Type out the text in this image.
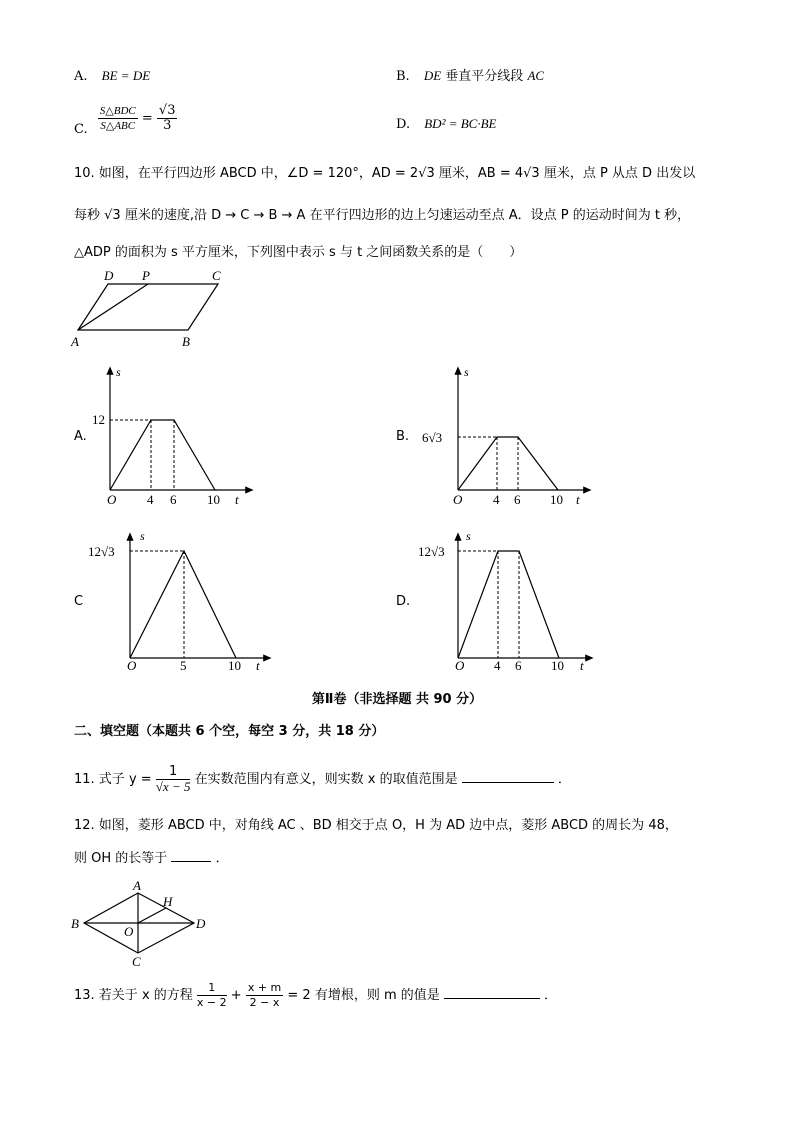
A. BE = DE	B. DE 垂直平分线段 AC
C. $\frac{\text{S△BDC}}{\text{S△ABC}} = \frac{√3}{3}$	D. BD² = BC·BE
10. 如图，在平行四边形 ABCD 中，∠D = 120°，AD = 2√3 厘米，AB = 4√3 厘米，点 P 从点 D 出发以
每秒 √3 厘米的速度,沿 D → C → B → A 在平行四边形的边上匀速运动至点 A．设点 P 的运动时间为 t 秒，
△ADP 的面积为 s 平方厘米，下列图中表示 s 与 t 之间函数关系的是（　　）
D P	C
A	B
A.
s
t
O
12
4 6 10
B.
s
t
O
6√3
4 6 10
C
s
t
O
12√3
5	10
D.
s
t
O
12√3
4 6 10
第Ⅱ卷（非选择题 共 90 分）
二、填空题（本题共 6 个空，每空 3 分，共 18 分）
11. 式子 $y = \frac{1}{√x - 5}$ 在实数范围内有意义，则实数 x 的取值范围是	．
12. 如图，菱形 ABCD 中，对角线 AC 、BD 相交于点 O，H 为 AD 边中点，菱形 ABCD 的周长为 48，
则 OH 的长等于	．
A
H
B
O
D
C
13. 若关于 x 的方程 $\frac{1}{x - 2} + \frac{x + m}{2 - x} = 2$ 有增根，则 m 的值是	．
